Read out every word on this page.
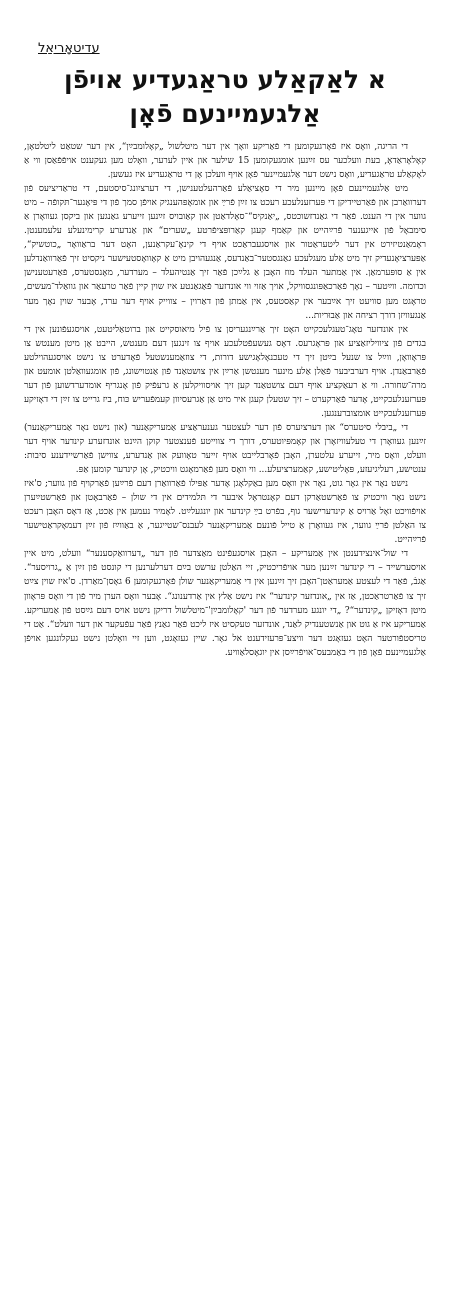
עדיטאָריאַל
א לאַקאַלע טראַגעדיע אויפֿן
אַלגעמיינעם פֿאָן

די הריגה, וואָס איז פֿאָרגעקומען די פֿאַריקע וואָך אין דער מיטלשול „קאָלומבײַן“, אין דער שטאַט ליטלטאָן, קאָלאָראַדאָ, בעת וועלכער עס זײַנען אומגעקומען 15 שילער און איין לערער, וואָלט מען געקענט אויפֿפֿאַסן ווי אַ לאָקאַלע טראַגעדיע, וואָס נישט דער אַלגעמיינער פֿאָן אויף וועלכן אָן די טראַגעדיע איז געשען.

מיט אַלגעמיינעם פֿאָן מיינען מיר די סאָציאַלע פֿאַרהעלטענישן, די דערציִונג־סיסטעם, די טראַדיציעס פֿון דערוואַרבן און פֿאַרטיידיקן די פּערזענלעכע רעכט צו זײַן פֿרײַ און אומאָפּהענגיק אויפֿן סמך פֿון די פּיאָנער־תּקופֿה – מיט גווער אין די הענט. פֿאַר די גאַנדזשוכטס, „יאַנקיס“־סאָלדאַטן און קאַובויס זײַנען זייערע גאַנגען און ביקסן געוואָרן אַ סימבאָל פֿון אייגענער פֿרײַהייט און קאַמף קעגן קאַרופּציפֿרטע „שערים“ און אַנדערע קרימינעלע עלעמענטן. ראָמאַנטיזירט אין דער ליטעראַטור און אויסגעבראַכט אויף די קינאָ־עקראַנען, האָט דער בראַוואָר „כוטשיק“, אַפּערציאָנעדיק זיך מיט אַלע מעגלעכע גאַנגסטער־באַנדעס, אַנגעהויבן מיט אַ קאָוואָסטעישער ניקסיט זיך פֿאַרוואַנדלען אין אַ סופּערמאַן. אין אַמתער העלד מוז האָבן אַ גלײַכן פֿאַר זיך אַנטיהעלד – מערדער, מאָנסטערס, פֿאַרעטענישן וכדומה. ווײַטער – נאָך פֿאַרכאַפּונגסוויקל, אויך אַזוי ווי אונדזער פֿאַגאַנטע איז שוין קיין פֿאַר טרעאַר און גוואַלד־מעשים, טראָגט מען סוויעט זיך אײַבער אין קאַסטעס, אין אַמתן פֿון דאַרוין – צווייק אויף דער ערד, אָבער שוין נאָך מער אַנגעוויזן דורך רציחה און אַבוּריות...

אין אונדזער טאָג־טעגלעכקייט האָט זיך אַרײַנגעריסן צו פֿיל מיאוסקייט און ברוטאַליטעט, אויסגעפֿונען אין די בגדים פֿון ציוויליזאַציע און פּראָגרעס. דאָס געשעפֿטלעכע אויף צו זינגען דעם מענטש, הייבט אָן מיטן מענטש צו פּראָוואָן, ווײַל צו שנעל בײַטן זיך די טעכנאָלאָגישע דורות, די צוזאַמענשטעל פֿאָדערט צו נישט אויסגעהוילטע פֿאַרבאַנדן. אויף דערביבער פֿאַלן אַלע מינער מענטשן אַרײַן אין צושטאַנד פֿון אַנטוישונג, פֿון אומגעוואַלטן אומעט און מרה־שחורה. ווי אַ רעאַקציע אויף דעם צושטאַנד קען זיך אויסוויקלען אַ גרעפֿיק פֿון אָנגריף אומדערדשוען פֿון דער פּערזענלעכקייט, אָדער פֿאַרקערט – זיך שטעלן קעגן איר מיט אַן אַגרעסיוון קעמפֿעריש כּוח, ביז גרייט צו זײַן די דאָזיקע פּערזענלעכקייט אומצוברענגען.

די „ביבלי סיטערס“ און דערציִערס פֿון דער לעצטער גענעראַציע אַמעריקאַנער (און נישט נאָר אַמעריקאַנער) זײַנען געוואָרן די טעלעוויזאָרן און קאָמפּיוטערס, דורך די צווייטע פֿענצטער קוקן הײַנט אונדזערע קינדער אויף דער וועלט, וואָס מיר, זייערע עלטערן, האָבן פֿאָרבלייבט אויף זייער טאָוועק און אַנדערע, צווישן פֿאַרשיידענע סיבות: ענטישע, רעליגיעזע, פּאָליטישע, קאַמערציעלע... ווי וואָס מען פֿאַרמאָגט וויכטיק, אָן קינדער קומען אַפּ.

נישט נאָר אין גאָר גוט, נאָר אין וואָס מען באַקלאָגן אָדער אַפּילו פֿאַרוואַרן דעם פֿרײַען פֿאַרקויף פֿון גווער; ס'איז נישט נאָר וויכטיק צו פֿאַרשטאַרקן דעם קאָנטראָל איבער די תּלמידים אין די שולן – פֿאַרבאָטן און פֿאַרשטײַערן אויפֿוויכט זאָל אַרויס אַ קינדערישער גוף, בפֿרט בײַ קינדער און יונגעלײַט. לאָמיר נעמען אין אַכט, אַז דאָס האָבן רעכט צו האַלטן פֿרײַ גווער, איז געוואָרן אַ טייל פֿונעם אַמעריקאַנער לעבנס־שטייגער, אַ באַווײַז פֿון זײַן דעמאָקראַטישער פֿרײַהייט.

די שול־אינצידענטן אין אַמעריקע – האָבן אויסגעפֿינט מאַצדער פֿון דער „דערוואַקסענער“ וועלט, מיט איין אויסערשייד – די קינדער זײַנען מער אויפֿריכטיק, זיי האַלטן ערשט בײַם דערלערנען די קונסט פֿון זײַן אַ „גרויסער“. אַגבֿ, פֿאַר די לעצטע אַמעראַטן־האָבן זיך זײַנען אין די אַמעריקאַנער שולן פֿאָרגעקומען 6 גאָסן־מאַרדן. ס'איז שוין צײַט זיך צו פֿאַרטראַכטן, אַז אין „אונדזער קינדער“ איז נישט אַלץ אין אַרדענונג“. אָבער וואָס הערן מיר פֿון די וואָס פּראָוון מיטן דאָזיקן „קינדער“? „די יונגע מערדער פֿון דער 'קאָלומבײַן'־מיטלשול דריקן נישט אויס דעם גײַסט פֿון אַמעריקע. אַמעריקע איז אַ גוט און אַנשטענדיק לאַנד, אונדזער טעקסיט איז ליכט פֿאַר גאַנץ פֿאַר עפֿעקער און דער וועלט“. אַט די טריסטפֿורטער האָט געזאָגט דער וויצע־פּרעזידענט אל גאָר. שיין געזאָגט, ווען זיי וואָלטן נישט געקלונגען אויפֿן אַלגעמיינעם פֿאָן פֿון די באַמבעס־אויפֿרײַסן אין יוגאָסלאַוויע.
